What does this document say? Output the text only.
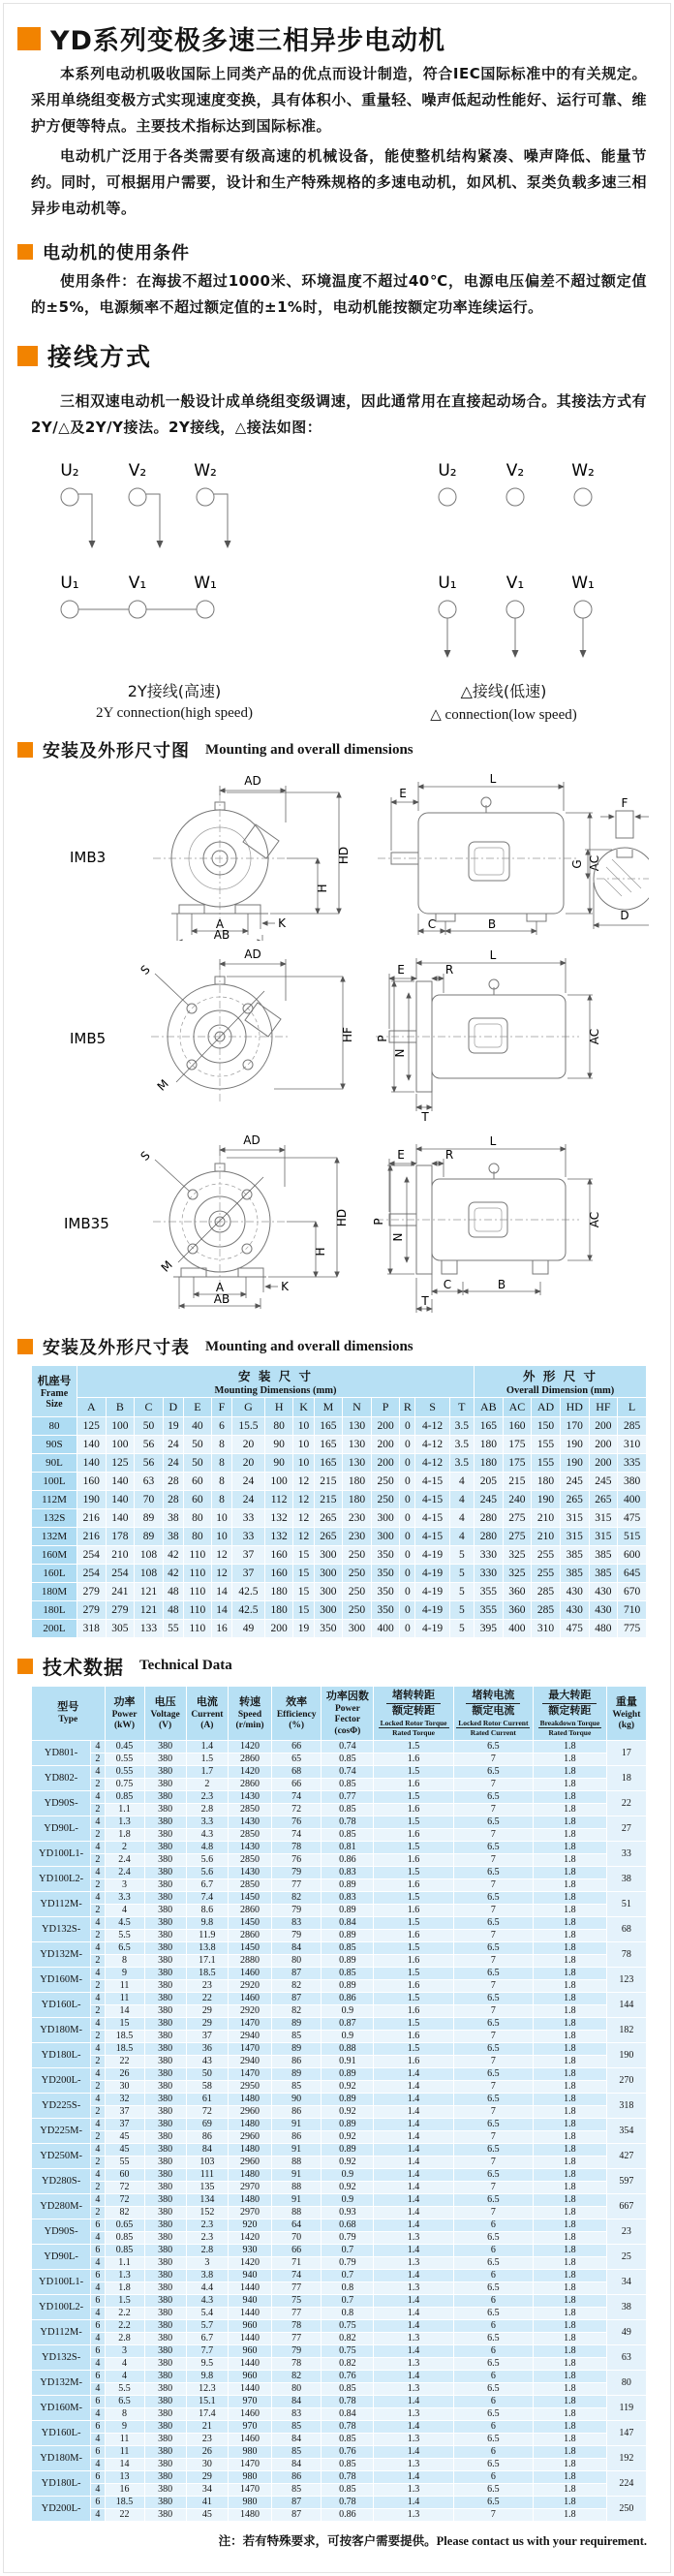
YD系列变极多速三相异步电动机

本系列电动机吸收国际上同类产品的优点而设计制造，符合IEC国际标准中的有关规定。采用单绕组变极方式实现速度变换，具有体积小、重量轻、噪声低起动性能好、运行可靠、维护方便等特点。主要技术指标达到国际标准。

电动机广泛用于各类需要有级高速的机械设备，能使整机结构紧凑、噪声降低、能量节约。同时，可根据用户需要，设计和生产特殊规格的多速电动机，如风机、泵类负载多速三相异步电动机等。

电动机的使用条件

使用条件：在海拔不超过1000米、环境温度不超过40℃，电源电压偏差不超过额定值的±5%，电源频率不超过额定值的±1%时，电动机能按额定功率连续运行。

接线方式

三相双速电动机一般设计成单绕组变级调速，因此通常用在直接起动场合。其接法方式有2Y/△及2Y/Y接法。2Y接线，△接法如图：

U₂	V₂	W₂
U₁	V₁	W₁
2Y接线(高速)
2Y connection(high speed)
U₂	V₂	W₂
U₁	V₁	W₁
△接线(低速)
△ connection(low speed)
安装及外形尺寸图 Mounting and overall dimensions
IMB3
AD
HD
H
K
A
AB
L
E
AC
C	B
F
G
D

IMB5
S
M
AD
HF
L
E	R
P
N
T
AC

IMB35
S
M
AD
HD
H
K
A
AB
L
E	R
P
N
AC
C	B
T
安装及外形尺寸表 Mounting and overall dimensions
机座号
Frame Size	安 装 尺 寸
Mounting Dimensions (mm)															外 形 尺 寸
Overall Dimension (mm)					
	A	B	C	D	E	F	G	H	K	M	N	P	R	S	T	AB	AC	AD	HD	HF	L
80	125	100	50	19	40	6	15.5	80	10	165	130	200	0	4-12	3.5	165	160	150	170	200	285
90S	140	100	56	24	50	8	20	90	10	165	130	200	0	4-12	3.5	180	175	155	190	200	310
90L	140	125	56	24	50	8	20	90	10	165	130	200	0	4-12	3.5	180	175	155	190	200	335
100L	160	140	63	28	60	8	24	100	12	215	180	250	0	4-15	4	205	215	180	245	245	380
112M	190	140	70	28	60	8	24	112	12	215	180	250	0	4-15	4	245	240	190	265	265	400
132S	216	140	89	38	80	10	33	132	12	265	230	300	0	4-15	4	280	275	210	315	315	475
132M	216	178	89	38	80	10	33	132	12	265	230	300	0	4-15	4	280	275	210	315	315	515
160M	254	210	108	42	110	12	37	160	15	300	250	350	0	4-19	5	330	325	255	385	385	600
160L	254	254	108	42	110	12	37	160	15	300	250	350	0	4-19	5	330	325	255	385	385	645
180M	279	241	121	48	110	14	42.5	180	15	300	250	350	0	4-19	5	355	360	285	430	430	670
180L	279	279	121	48	110	14	42.5	180	15	300	250	350	0	4-19	5	355	360	285	430	430	710
200L	318	305	133	55	110	16	49	200	19	350	300	400	0	4-19	5	395	400	310	475	480	775
技术数据 Technical Data
型号
Type		功率
Power
(kW)	电压
Voltage
(V)	电流
Current
(A)	转速
Speed
(r/min)	效率
Efficiency
(%)	功率因数
Power Fector
(cosΦ)	堵转转距额定转距
$\frac{\text{Locked Rotor Torque}}{\text{Rated Torque}}$	堵转电流额定电流
$\frac{\text{Locked Rotor Current}}{\text{Rated Current}}$	最大转距额定转距
$\frac{\text{Breakdown Torque}}{\text{Rated Torque}}$	重量
Weight
(kg)

YD801-	4	0.45	380	1.4	1420	66	0.74	1.5	6.5	1.8	17
	2	0.55	380	1.5	2860	65	0.85	1.6	7	1.8	
YD802-	4	0.55	380	1.7	1420	68	0.74	1.5	6.5	1.8	18
	2	0.75	380	2	2860	66	0.85	1.6	7	1.8	
YD90S-	4	0.85	380	2.3	1430	74	0.77	1.5	6.5	1.8	22
	2	1.1	380	2.8	2850	72	0.85	1.6	7	1.8	
YD90L-	4	1.3	380	3.3	1430	76	0.78	1.5	6.5	1.8	27
	2	1.8	380	4.3	2850	74	0.85	1.6	7	1.8	
YD100L1-	4	2	380	4.8	1430	78	0.81	1.5	6.5	1.8	33
	2	2.4	380	5.6	2850	76	0.86	1.6	7	1.8	
YD100L2-	4	2.4	380	5.6	1430	79	0.83	1.5	6.5	1.8	38
	2	3	380	6.7	2850	77	0.89	1.6	7	1.8	
YD112M-	4	3.3	380	7.4	1450	82	0.83	1.5	6.5	1.8	51
	2	4	380	8.6	2860	79	0.89	1.6	7	1.8	
YD132S-	4	4.5	380	9.8	1450	83	0.84	1.5	6.5	1.8	68
	2	5.5	380	11.9	2860	79	0.89	1.6	7	1.8	
YD132M-	4	6.5	380	13.8	1450	84	0.85	1.5	6.5	1.8	78
	2	8	380	17.1	2880	80	0.89	1.6	7	1.8	
YD160M-	4	9	380	18.5	1460	87	0.85	1.5	6.5	1.8	123
	2	11	380	23	2920	82	0.89	1.6	7	1.8	
YD160L-	4	11	380	22	1460	87	0.86	1.5	6.5	1.8	144
	2	14	380	29	2920	82	0.9	1.6	7	1.8	
YD180M-	4	15	380	29	1470	89	0.87	1.5	6.5	1.8	182
	2	18.5	380	37	2940	85	0.9	1.6	7	1.8	
YD180L-	4	18.5	380	36	1470	89	0.88	1.5	6.5	1.8	190
	2	22	380	43	2940	86	0.91	1.6	7	1.8	
YD200L-	4	26	380	50	1470	89	0.89	1.4	6.5	1.8	270
	2	30	380	58	2950	85	0.92	1.4	7	1.8	
YD225S-	4	32	380	61	1480	90	0.89	1.4	6.5	1.8	318
	2	37	380	72	2960	86	0.92	1.4	7	1.8	
YD225M-	4	37	380	69	1480	91	0.89	1.4	6.5	1.8	354
	2	45	380	86	2960	86	0.92	1.4	7	1.8	
YD250M-	4	45	380	84	1480	91	0.89	1.4	6.5	1.8	427
	2	55	380	103	2960	88	0.92	1.4	7	1.8	
YD280S-	4	60	380	111	1480	91	0.9	1.4	6.5	1.8	597
	2	72	380	135	2970	88	0.92	1.4	7	1.8	
YD280M-	4	72	380	134	1480	91	0.9	1.4	6.5	1.8	667
	2	82	380	152	2970	88	0.93	1.4	7	1.8	
YD90S-	6	0.65	380	2.3	920	64	0.68	1.4	6	1.8	23
	4	0.85	380	2.3	1420	70	0.79	1.3	6.5	1.8	
YD90L-	6	0.85	380	2.8	930	66	0.7	1.4	6	1.8	25
	4	1.1	380	3	1420	71	0.79	1.3	6.5	1.8	
YD100L1-	6	1.3	380	3.8	940	74	0.7	1.4	6	1.8	34
	4	1.8	380	4.4	1440	77	0.8	1.3	6.5	1.8	
YD100L2-	6	1.5	380	4.3	940	75	0.7	1.4	6	1.8	38
	4	2.2	380	5.4	1440	77	0.8	1.4	6.5	1.8	
YD112M-	6	2.2	380	5.7	960	78	0.75	1.4	6	1.8	49
	4	2.8	380	6.7	1440	77	0.82	1.3	6.5	1.8	
YD132S-	6	3	380	7.7	960	79	0.75	1.4	6	1.8	63
	4	4	380	9.5	1440	78	0.82	1.3	6.5	1.8	
YD132M-	6	4	380	9.8	960	82	0.76	1.4	6	1.8	80
	4	5.5	380	12.3	1440	80	0.85	1.3	6.5	1.8	
YD160M-	6	6.5	380	15.1	970	84	0.78	1.4	6	1.8	119
	4	8	380	17.4	1460	83	0.84	1.3	6.5	1.8	
YD160L-	6	9	380	21	970	85	0.78	1.4	6	1.8	147
	4	11	380	23	1460	84	0.85	1.3	6.5	1.8	
YD180M-	6	11	380	26	980	85	0.76	1.4	6	1.8	192
	4	14	380	30	1470	84	0.85	1.3	6.5	1.8	
YD180L-	6	13	380	29	980	86	0.78	1.4	6	1.8	224
	4	16	380	34	1470	85	0.85	1.3	6.5	1.8	
YD200L-	6	18.5	380	41	980	87	0.78	1.4	6.5	1.8	250
	4	22	380	45	1480	87	0.86	1.3	7	1.8	
注：若有特殊要求，可按客户需要提供。Please contact us with your requirement.
